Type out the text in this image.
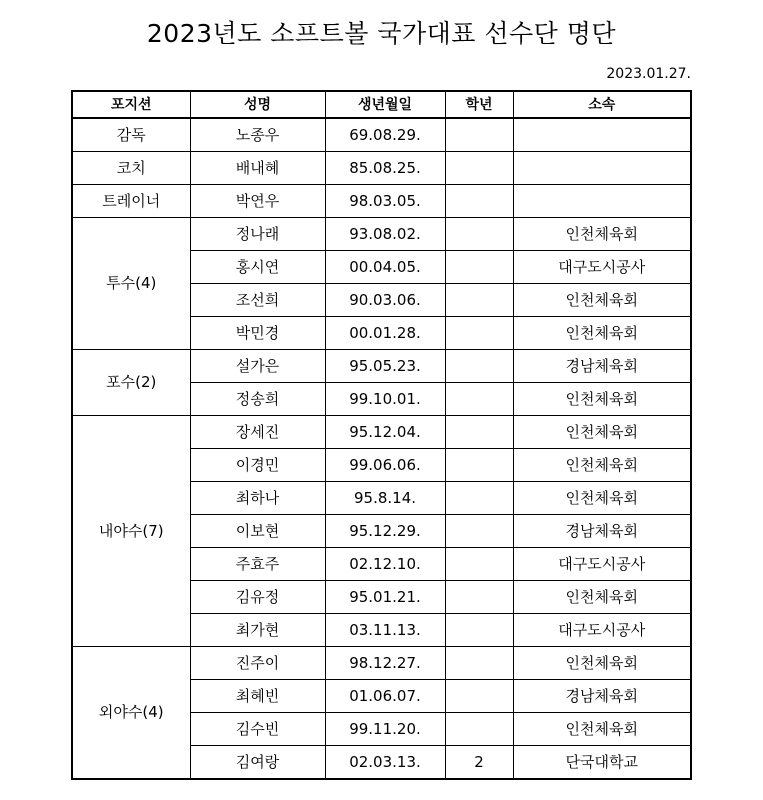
2023년도 소프트볼 국가대표 선수단 명단
2023.01.27.
포지션	성명	생년월일	학년	소속
감독	노종우	69.08.29.		
코치	배내혜	85.08.25.		
트레이너	박연우	98.03.05.		
투수(4)	정나래	93.08.02.		인천체육회
	홍시연	00.04.05.		대구도시공사
	조선희	90.03.06.		인천체육회
	박민경	00.01.28.		인천체육회
포수(2)	설가은	95.05.23.		경남체육회
	정송희	99.10.01.		인천체육회
내야수(7)	장세진	95.12.04.		인천체육회
	이경민	99.06.06.		인천체육회
	최하나	95.8.14.		인천체육회
	이보현	95.12.29.		경남체육회
	주효주	02.12.10.		대구도시공사
	김유정	95.01.21.		인천체육회
	최가현	03.11.13.		대구도시공사
외야수(4)	진주이	98.12.27.		인천체육회
	최혜빈	01.06.07.		경남체육회
	김수빈	99.11.20.		인천체육회
	김여랑	02.03.13.	2	단국대학교
